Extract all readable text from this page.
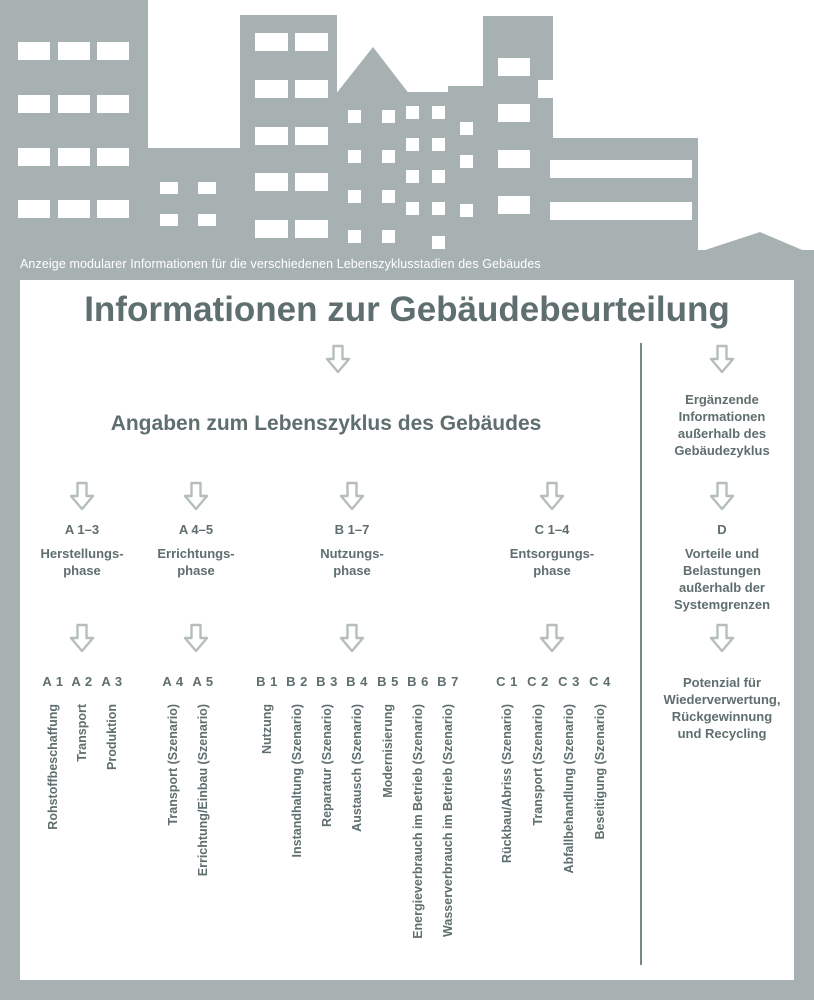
Anzeige modularer Informationen für die verschiedenen Lebenszyklusstadien des Gebäudes
Informationen zur Gebäudebeurteilung
Angaben zum Lebenszyklus des Gebäudes
A 1–3	A 4–5	B 1–7	C 1–4
Herstellungs-
phase
Errichtungs-
phase
Nutzungs-
phase
Entsorgungs-
phase
A 1 A 2 A 3	A 4 A 5	B 1 B 2 B 3 B 4 B 5 B 6 B 7	C 1 C 2 C 3 C 4
Rohstoffbeschaffung Transport Produktion	Transport (Szenario) Errichtung/Einbau (Szenario)	Nutzung Instandhaltung (Szenario) Reparatur (Szenario) Austausch (Szenario) Modernisierung Energieverbrauch im Betrieb (Szenario) Wasserverbrauch im Betrieb (Szenario)	Rückbau/Abriss (Szenario) Transport (Szenario) Abfallbehandlung (Szenario) Beseitigung (Szenario)
Ergänzende
Informationen
außerhalb des
Gebäudezyklus
D
Vorteile und
Belastungen
außerhalb der
Systemgrenzen
Potenzial für
Wiederverwertung,
Rückgewinnung
und Recycling
